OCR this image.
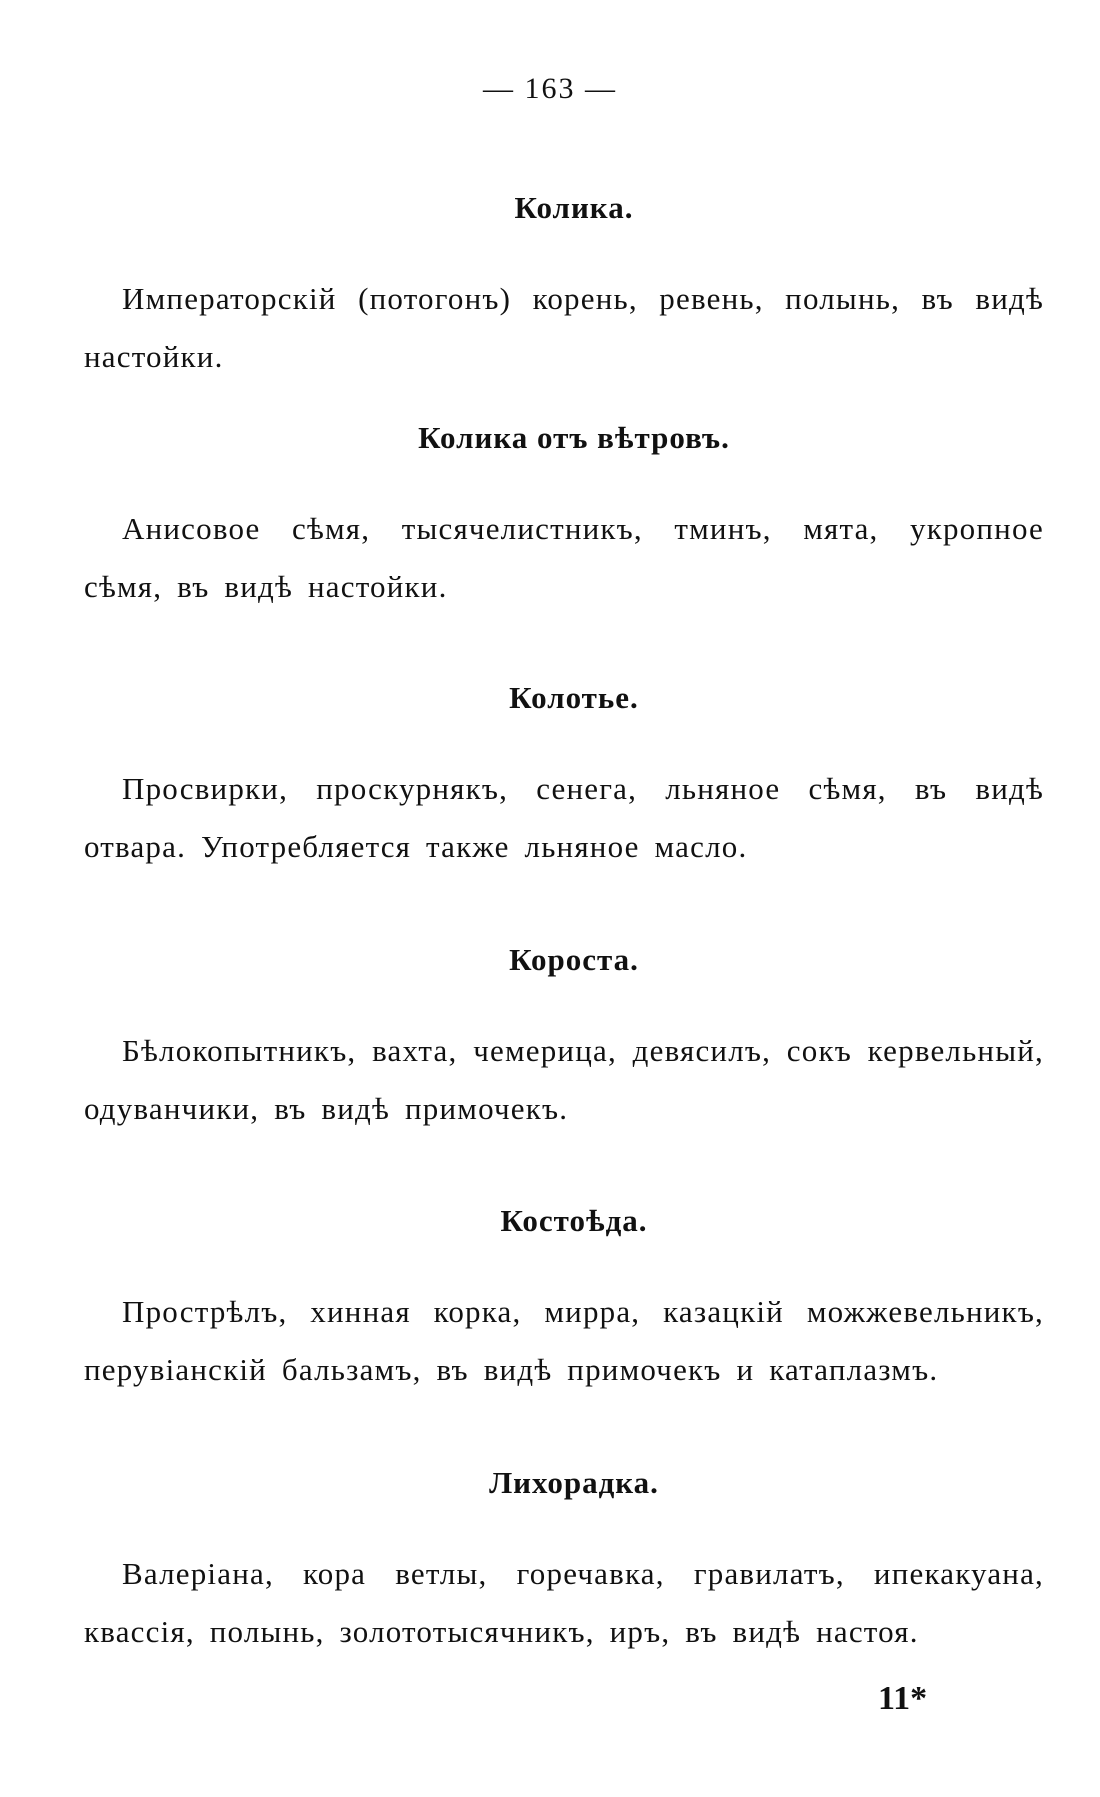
— 163 —
Колика.

Императорскій (потогонъ) корень, ревень, полынь, въ видѣ настойки.

Колика отъ вѣтровъ.

Анисовое сѣмя, тысячелистникъ, тминъ, мята, укропное сѣмя, въ видѣ настойки.

Колотье.

Просвирки, проскурнякъ, сенега, льняное сѣмя, въ видѣ отвара. Употребляется также льняное масло.

Короста.

Бѣлокопытникъ, вахта, чемерица, девясилъ, сокъ кервельный, одуванчики, въ видѣ примочекъ.

Костоѣда.

Прострѣлъ, хинная корка, мирра, казацкій можжевельникъ, перувіанскій бальзамъ, въ видѣ примочекъ и катаплазмъ.

Лихорадка.

Валеріана, кора ветлы, горечавка, гравилатъ, ипекакуана, квассія, полынь, золототысячникъ, иръ, въ видѣ настоя.

11*
